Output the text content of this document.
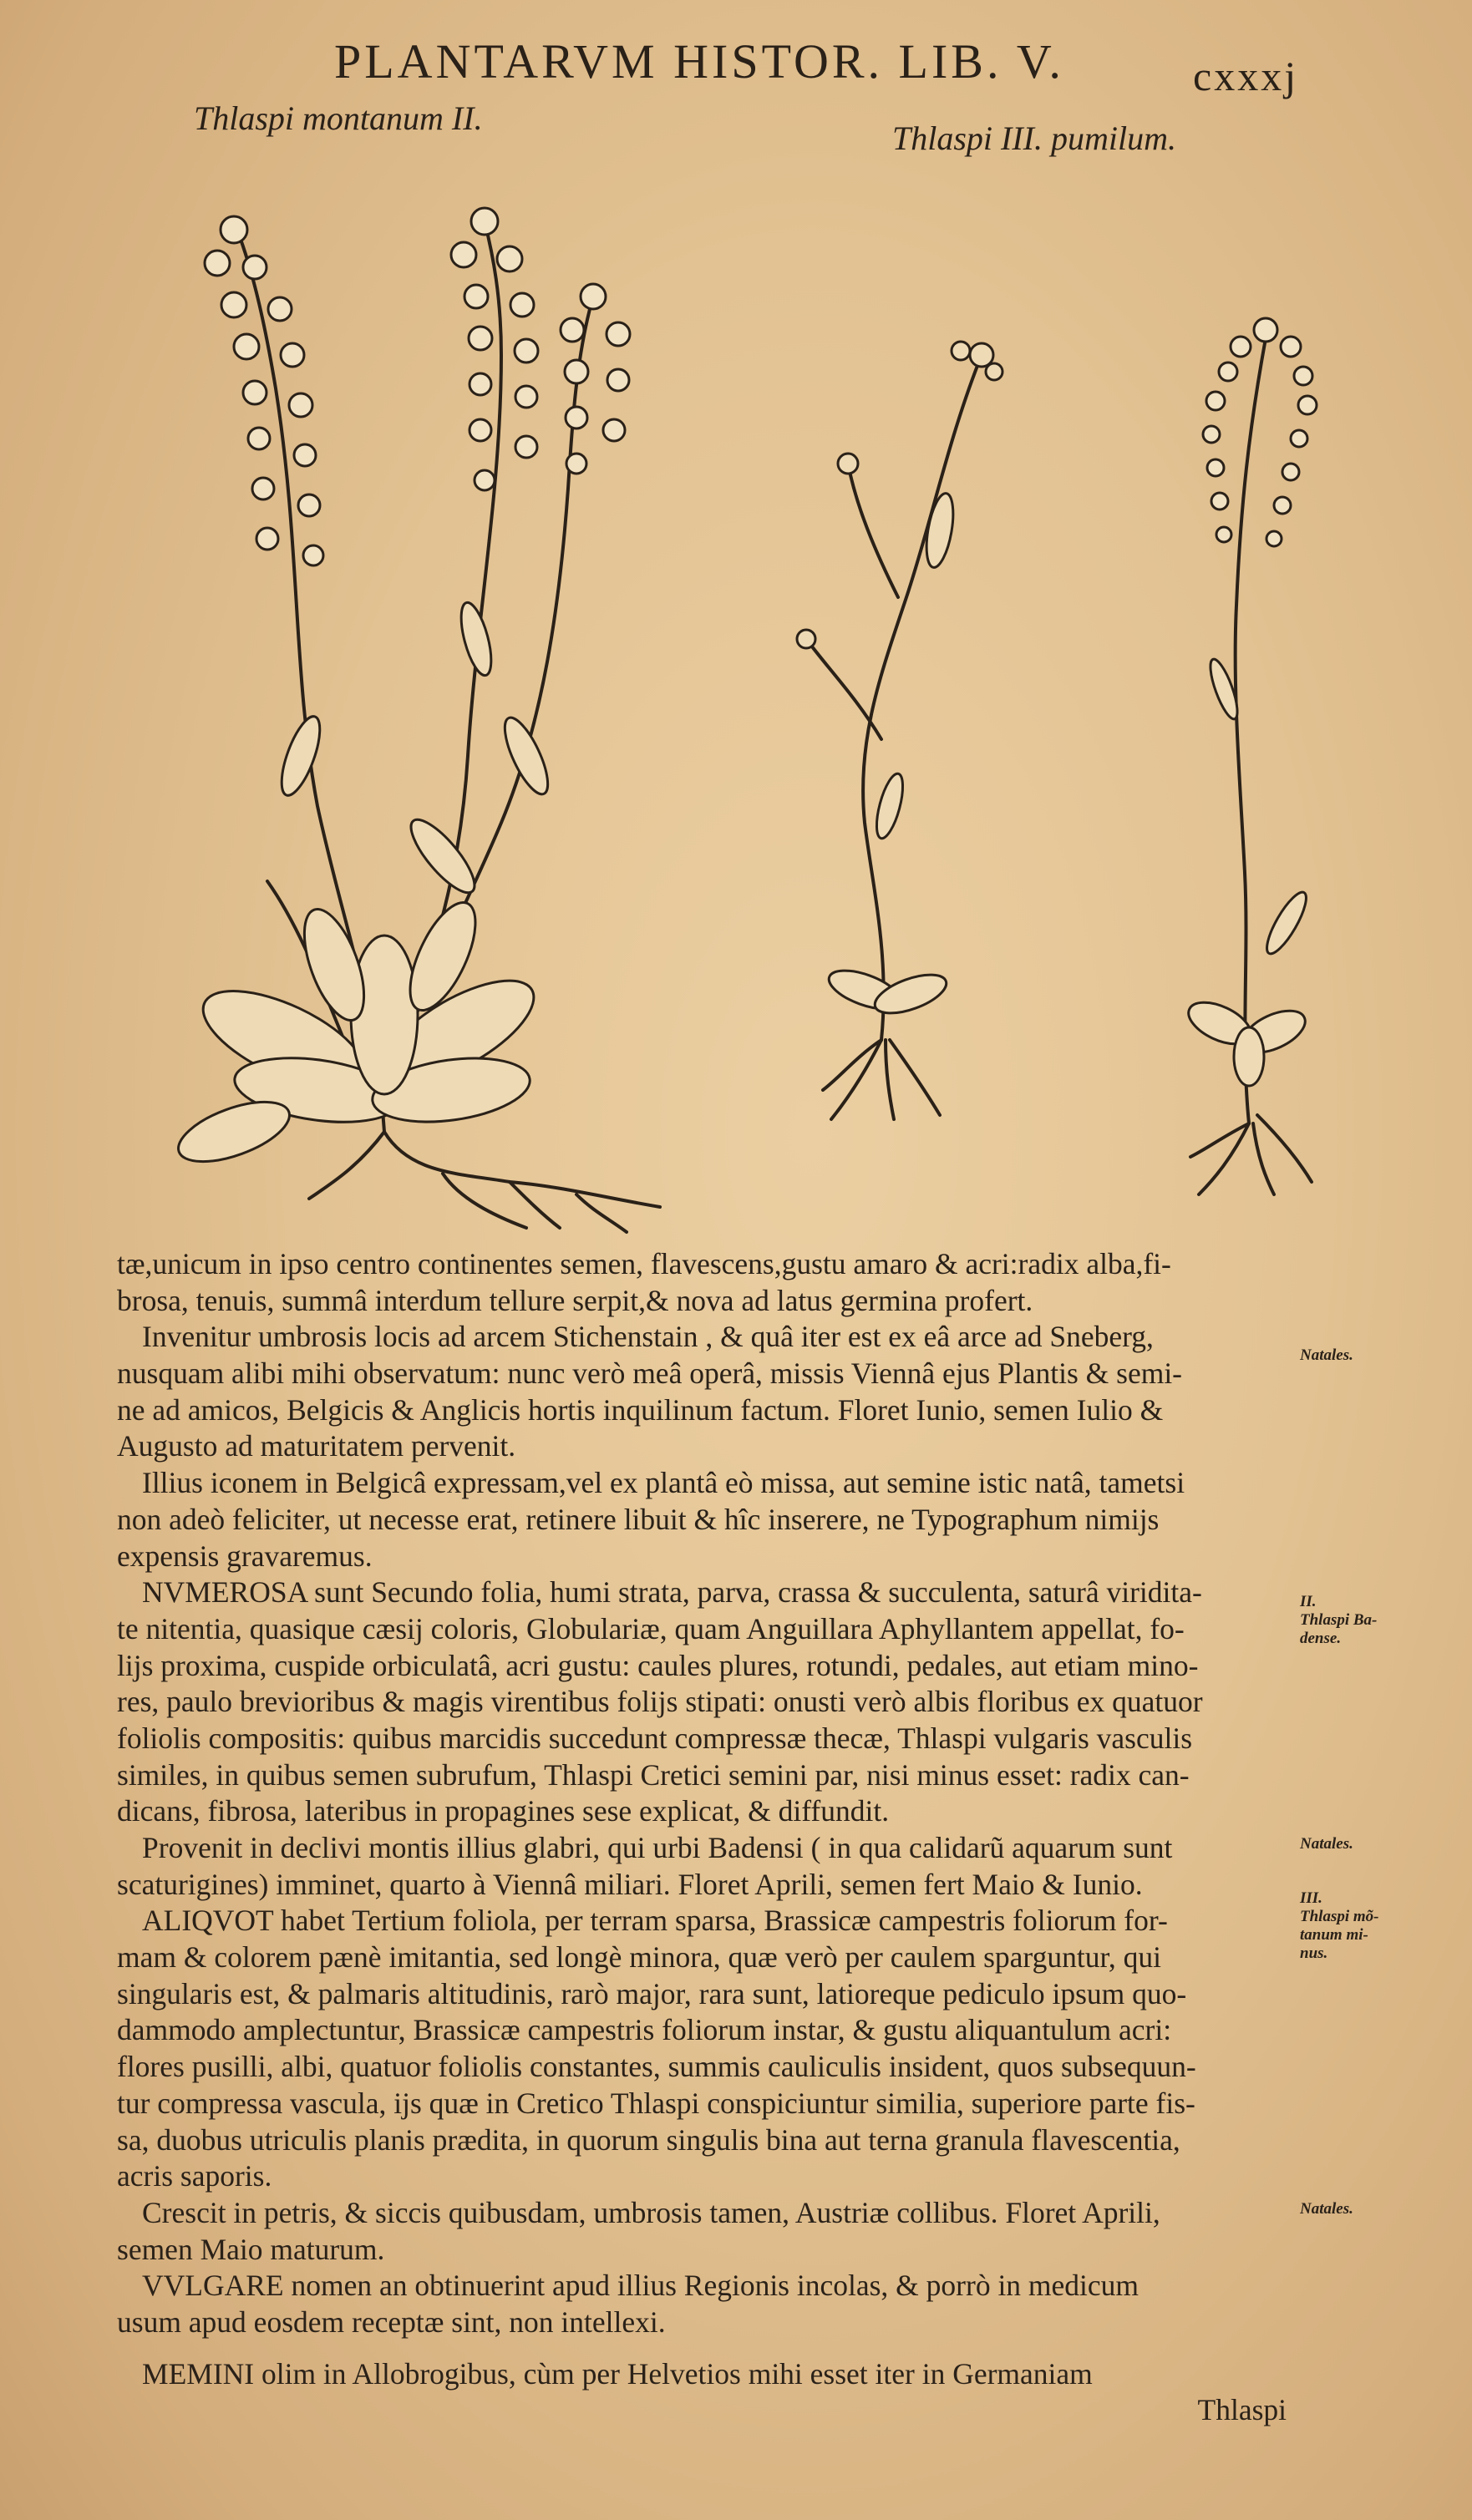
PLANTARVM HISTOR. LIB. V.	cxxxj
Thlaspi montanum II.
Thlaspi III. pumilum.
tæ,unicum in ipso centro continentes semen, flavescens,gustu amaro & acri:radix alba,fi-
brosa, tenuis, summâ interdum tellure serpit,& nova ad latus germina profert.
Invenitur umbrosis locis ad arcem Stichenstain , & quâ iter est ex eâ arce ad Sneberg,
nusquam alibi mihi observatum: nunc verò meâ operâ, missis Viennâ ejus Plantis & semi-
ne ad amicos, Belgicis & Anglicis hortis inquilinum factum. Floret Iunio, semen Iulio &
Augusto ad maturitatem pervenit.
Illius iconem in Belgicâ expressam,vel ex plantâ eò missa, aut semine istic natâ, tametsi
non adeò feliciter, ut necesse erat, retinere libuit & hîc inserere, ne Typographum nimijs
expensis gravaremus.
NVMEROSA sunt Secundo folia, humi strata, parva, crassa & succulenta, saturâ viridita-
te nitentia, quasique cæsij coloris, Globulariæ, quam Anguillara Aphyllantem appellat, fo-
lijs proxima, cuspide orbiculatâ, acri gustu: caules plures, rotundi, pedales, aut etiam mino-
res, paulo brevioribus & magis virentibus folijs stipati: onusti verò albis floribus ex quatuor
foliolis compositis: quibus marcidis succedunt compressæ thecæ, Thlaspi vulgaris vasculis
similes, in quibus semen subrufum, Thlaspi Cretici semini par, nisi minus esset: radix can-
dicans, fibrosa, lateribus in propagines sese explicat, & diffundit.
Provenit in declivi montis illius glabri, qui urbi Badensi ( in qua calidarũ aquarum sunt
scaturigines) imminet, quarto à Viennâ miliari. Floret Aprili, semen fert Maio & Iunio.
ALIQVOT habet Tertium foliola, per terram sparsa, Brassicæ campestris foliorum for-
mam & colorem pænè imitantia, sed longè minora, quæ verò per caulem sparguntur, qui
singularis est, & palmaris altitudinis, rarò major, rara sunt, latioreque pediculo ipsum quo-
dammodo amplectuntur, Brassicæ campestris foliorum instar, & gustu aliquantulum acri:
flores pusilli, albi, quatuor foliolis constantes, summis cauliculis insident, quos subsequun-
tur compressa vascula, ijs quæ in Cretico Thlaspi conspiciuntur similia, superiore parte fis-
sa, duobus utriculis planis prædita, in quorum singulis bina aut terna granula flavescentia,
acris saporis.
Crescit in petris, & siccis quibusdam, umbrosis tamen, Austriæ collibus. Floret Aprili,
semen Maio maturum.
VVLGARE nomen an obtinuerint apud illius Regionis incolas, & porrò in medicum
usum apud eosdem receptæ sint, non intellexi.
MEMINI olim in Allobrogibus, cùm per Helvetios mihi esset iter in Germaniam
Thlaspi
Natales.
II.
Thlaspi Ba-
dense.
Natales.
III.
Thlaspi mõ-
tanum mi-
nus.
Natales.
